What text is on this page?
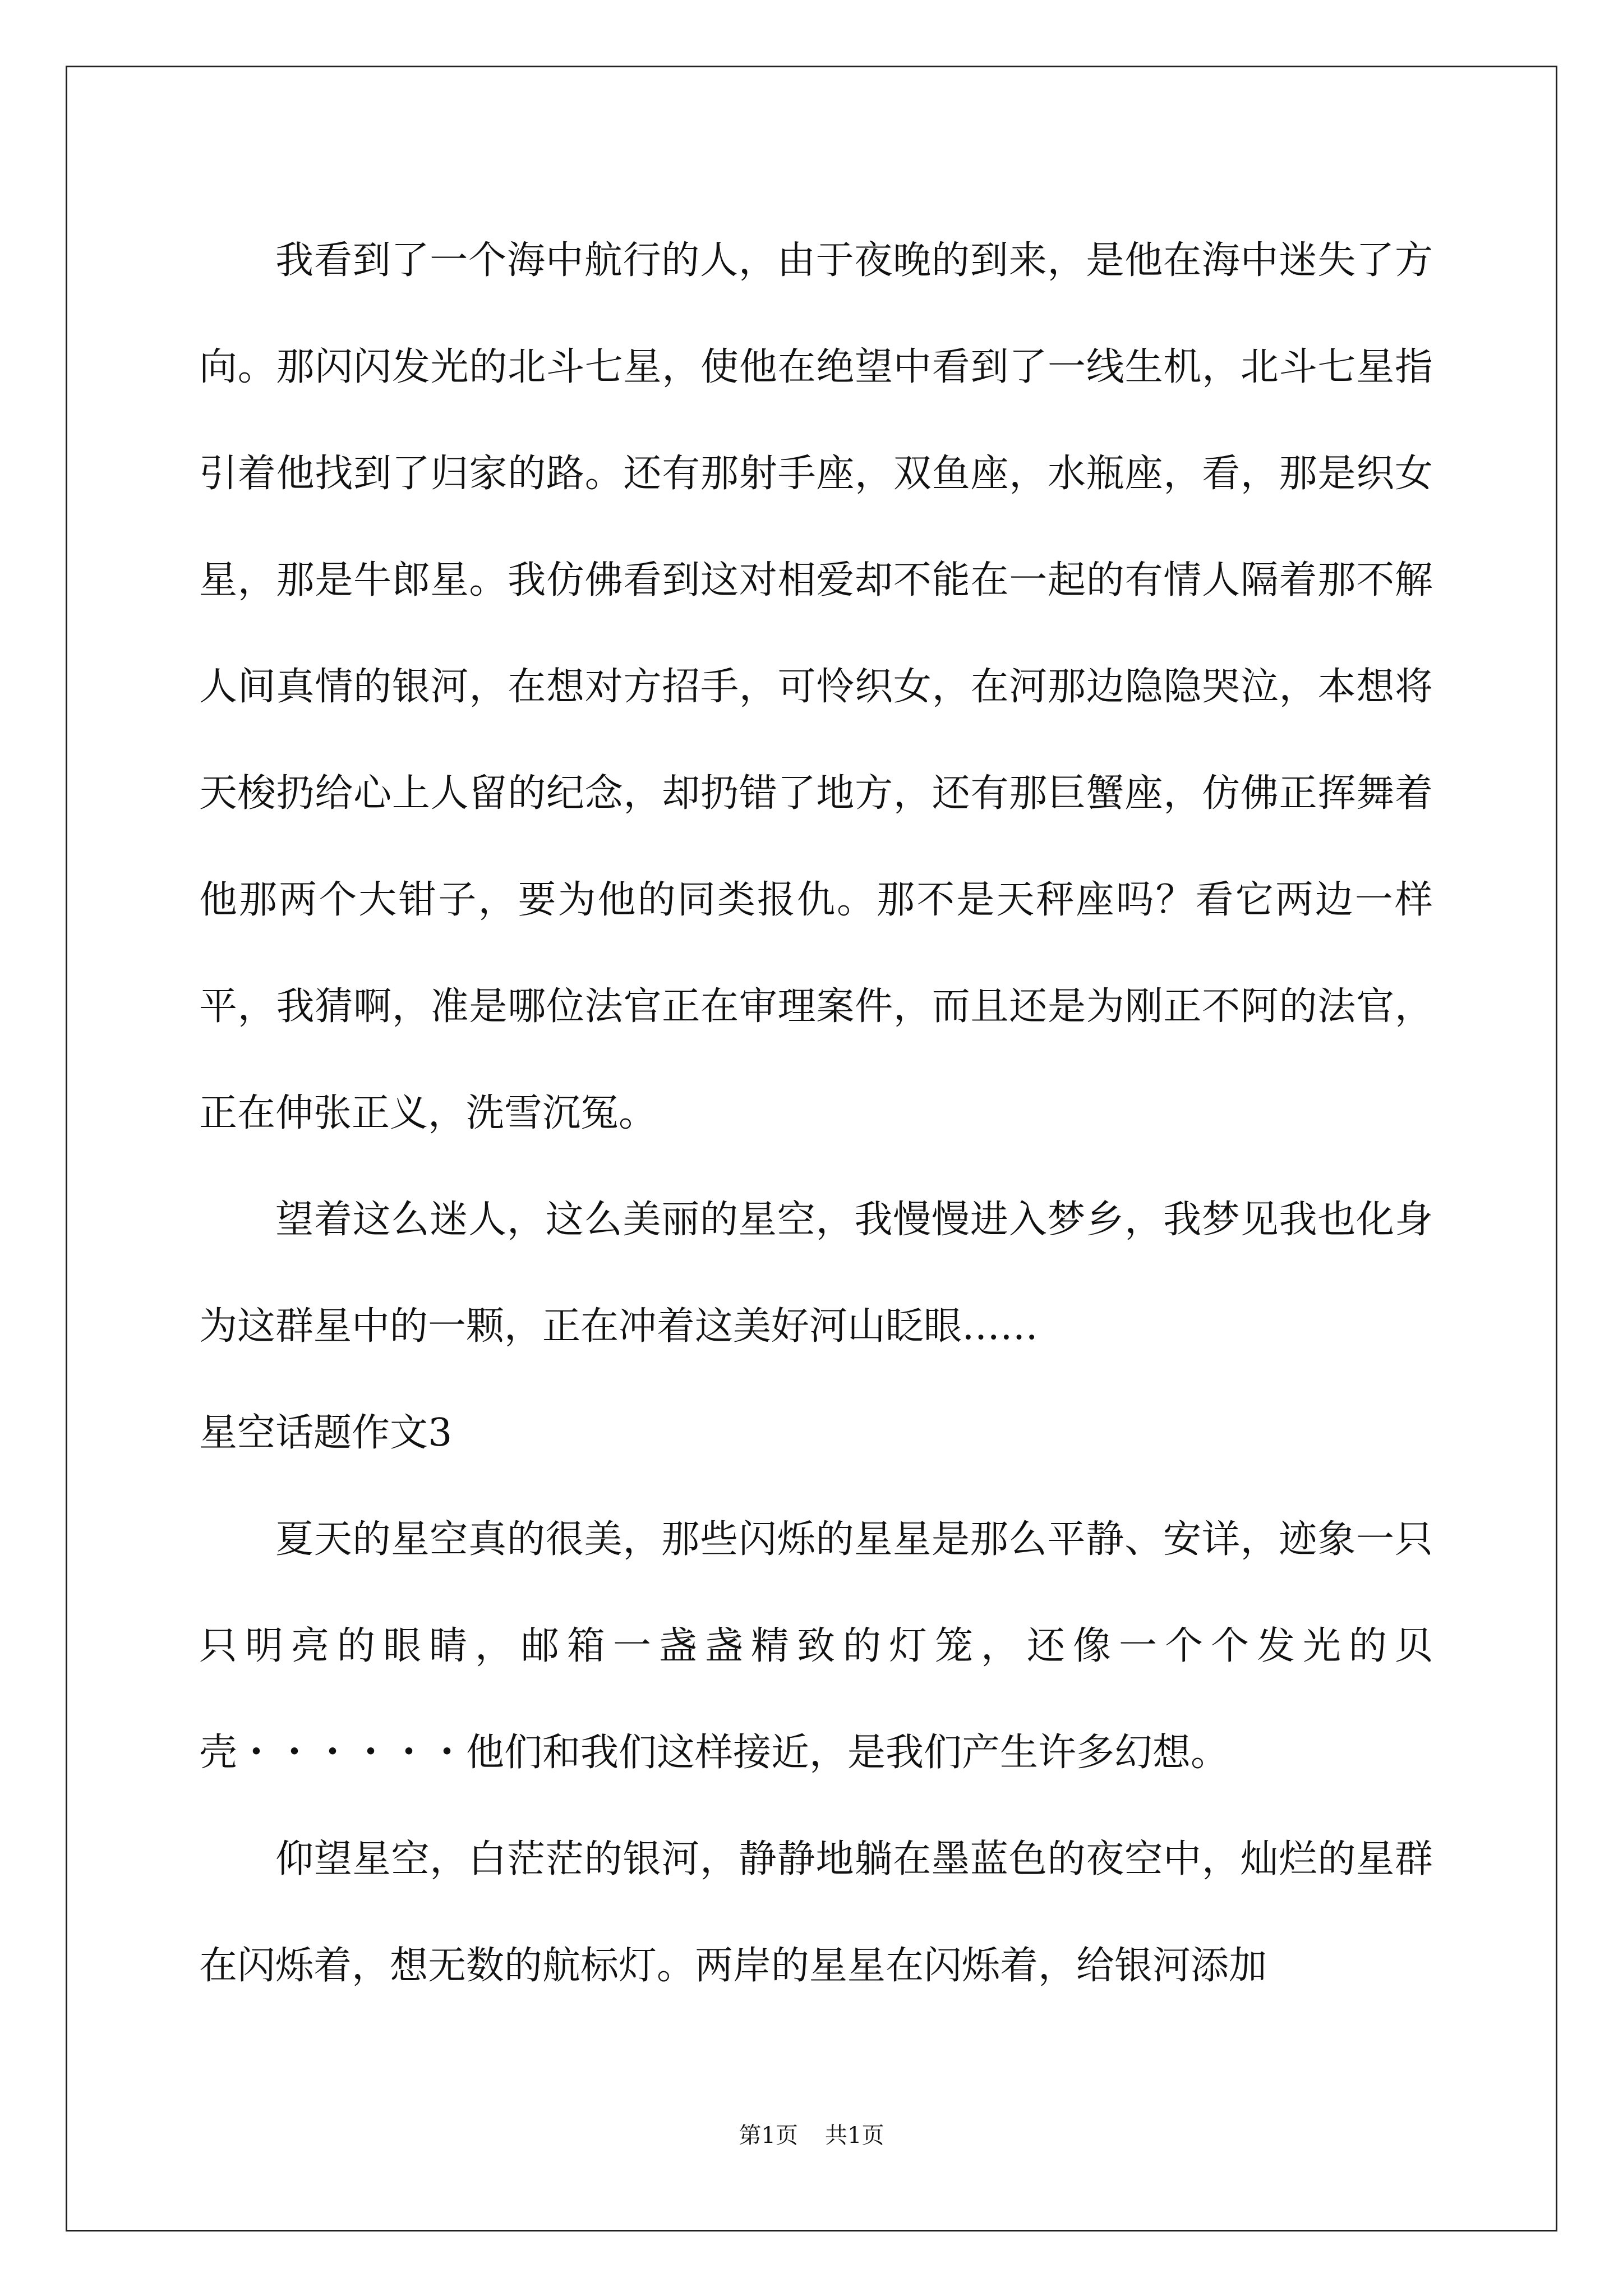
我看到了一个海中航行的人，由于夜晚的到来，是他在海中迷失了方向。那闪闪发光的北斗七星，使他在绝望中看到了一线生机，北斗七星指引着他找到了归家的路。还有那射手座，双鱼座，水瓶座，看，那是织女星，那是牛郎星。我仿佛看到这对相爱却不能在一起的有情人隔着那不解人间真情的银河，在想对方招手，可怜织女，在河那边隐隐哭泣，本想将天梭扔给心上人留的纪念，却扔错了地方，还有那巨蟹座，仿佛正挥舞着他那两个大钳子，要为他的同类报仇。那不是天秤座吗？看它两边一样平，我猜啊，准是哪位法官正在审理案件，而且还是为刚正不阿的法官，正在伸张正义，洗雪沉冤。

望着这么迷人，这么美丽的星空，我慢慢进入梦乡，我梦见我也化身为这群星中的一颗，正在冲着这美好河山眨眼……

星空话题作文3

夏天的星空真的很美，那些闪烁的星星是那么平静、安详，迹象一只只明亮的眼睛，邮箱一盏盏精致的灯笼，还像一个个发光的贝壳・・・・・・他们和我们这样接近，是我们产生许多幻想。

仰望星空，白茫茫的银河，静静地躺在墨蓝色的夜空中，灿烂的星群在闪烁着，想无数的航标灯。两岸的星星在闪烁着，给银河添加

第1页 共1页
